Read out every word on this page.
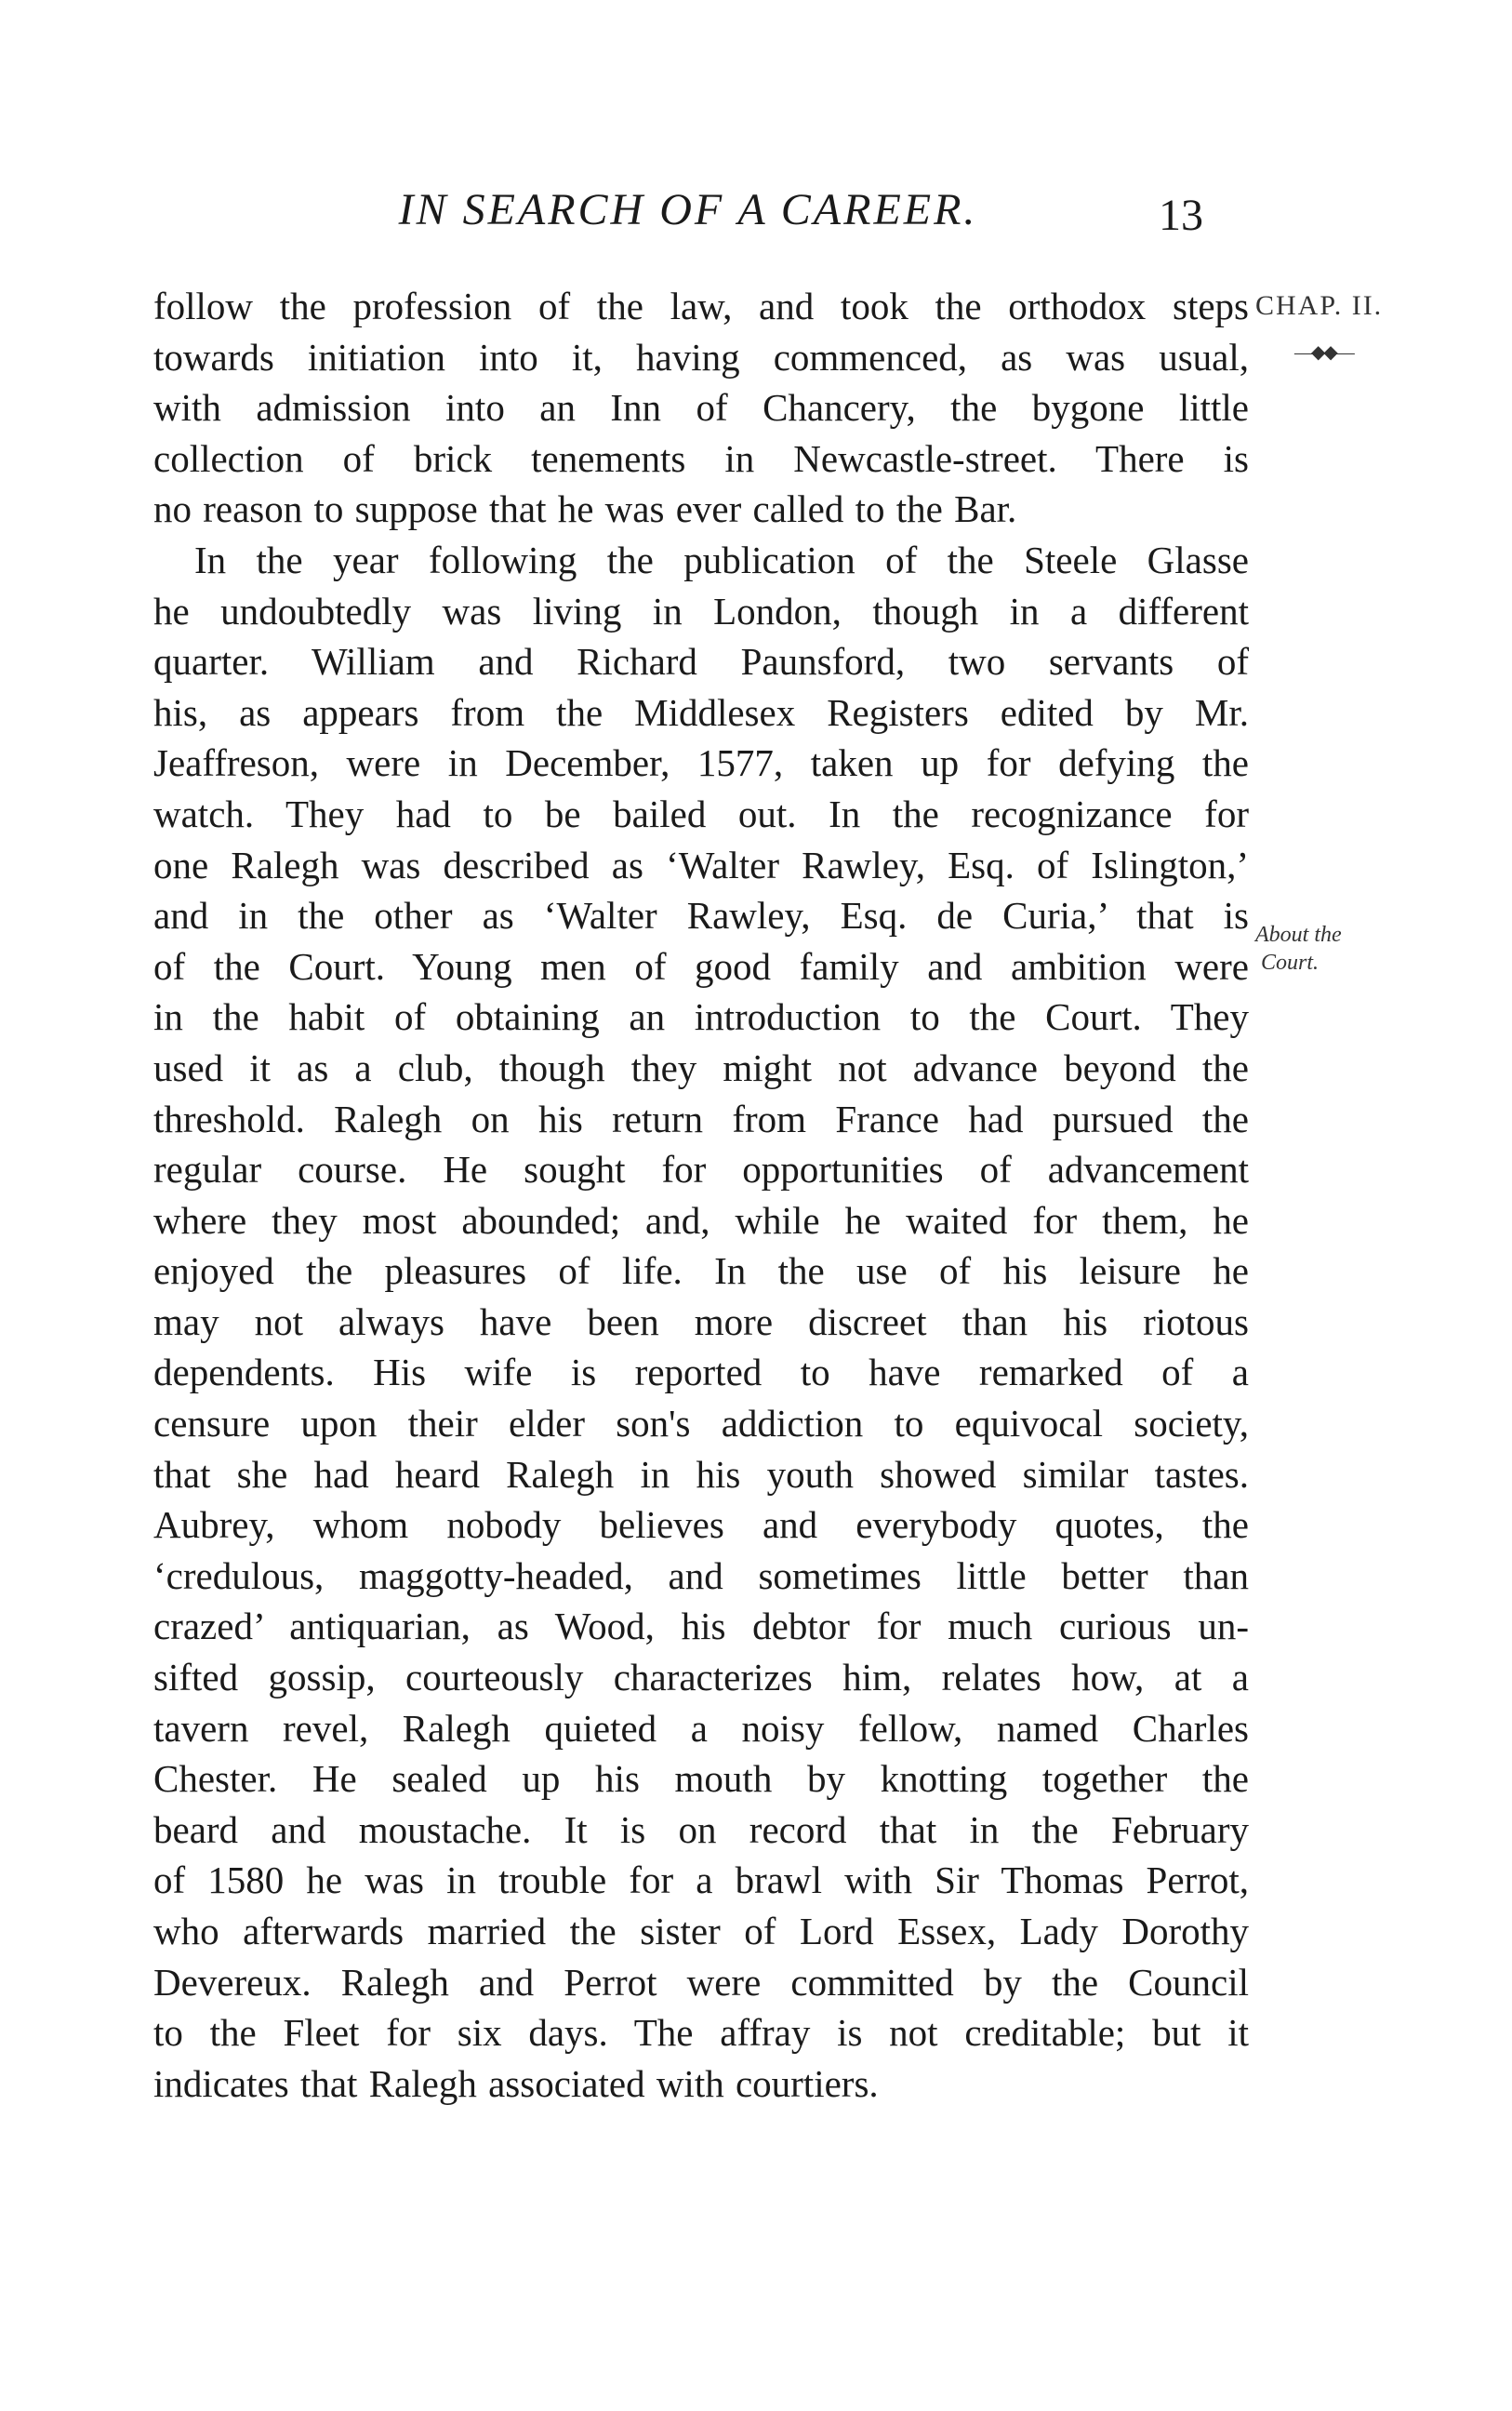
IN SEARCH OF A CAREER.	13
CHAP. II.
—◆◆—
About the
Court.
follow the profession of the law, and took the orthodox steps
towards initiation into it, having commenced, as was usual,
with admission into an Inn of Chancery, the bygone little
collection of brick tenements in Newcastle-street. There is
no reason to suppose that he was ever called to the Bar.
In the year following the publication of the Steele Glasse
he undoubtedly was living in London, though in a different
quarter. William and Richard Paunsford, two servants of
his, as appears from the Middlesex Registers edited by Mr.
Jeaffreson, were in December, 1577, taken up for defying the
watch. They had to be bailed out. In the recognizance for
one Ralegh was described as ‘Walter Rawley, Esq. of Islington,’
and in the other as ‘Walter Rawley, Esq. de Curia,’ that is
of the Court. Young men of good family and ambition were
in the habit of obtaining an introduction to the Court. They
used it as a club, though they might not advance beyond the
threshold. Ralegh on his return from France had pursued the
regular course. He sought for opportunities of advancement
where they most abounded; and, while he waited for them, he
enjoyed the pleasures of life. In the use of his leisure he
may not always have been more discreet than his riotous
dependents. His wife is reported to have remarked of a
censure upon their elder son's addiction to equivocal society,
that she had heard Ralegh in his youth showed similar tastes.
Aubrey, whom nobody believes and everybody quotes, the
‘credulous, maggotty-headed, and sometimes little better than
crazed’ antiquarian, as Wood, his debtor for much curious un-
sifted gossip, courteously characterizes him, relates how, at a
tavern revel, Ralegh quieted a noisy fellow, named Charles
Chester. He sealed up his mouth by knotting together the
beard and moustache. It is on record that in the February
of 1580 he was in trouble for a brawl with Sir Thomas Perrot,
who afterwards married the sister of Lord Essex, Lady Dorothy
Devereux. Ralegh and Perrot were committed by the Council
to the Fleet for six days. The affray is not creditable; but it
indicates that Ralegh associated with courtiers.
